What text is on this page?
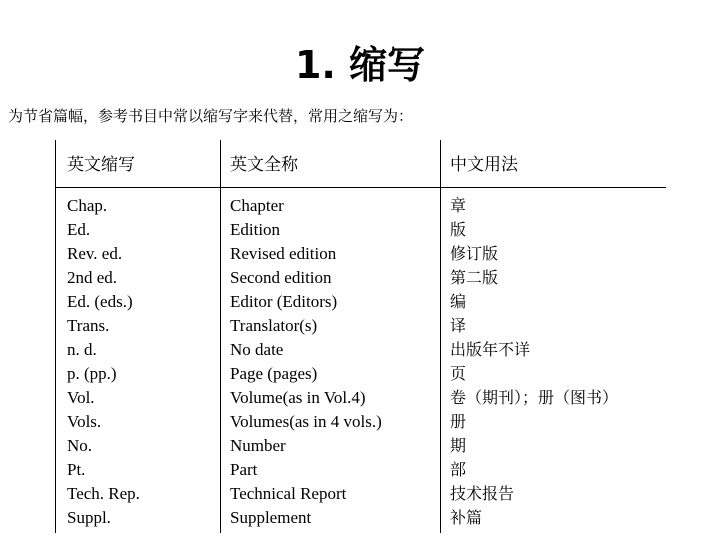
1. 缩写
为节省篇幅，参考书目中常以缩写字来代替，常用之缩写为：
英文缩写	英文全称	中文用法
Chap.
Ed.
Rev. ed.
2nd ed.
Ed. (eds.)
Trans.
n. d.
p. (pp.)
Vol.
Vols.
No.
Pt.
Tech. Rep.
Suppl.
Chapter
Edition
Revised edition
Second edition
Editor (Editors)
Translator(s)
No date
Page (pages)
Volume(as in Vol.4)
Volumes(as in 4 vols.)
Number
Part
Technical Report
Supplement
章
版
修订版
第二版
编
译
出版年不详
页
卷（期刊）；册（图书）
册
期
部
技术报告
补篇
